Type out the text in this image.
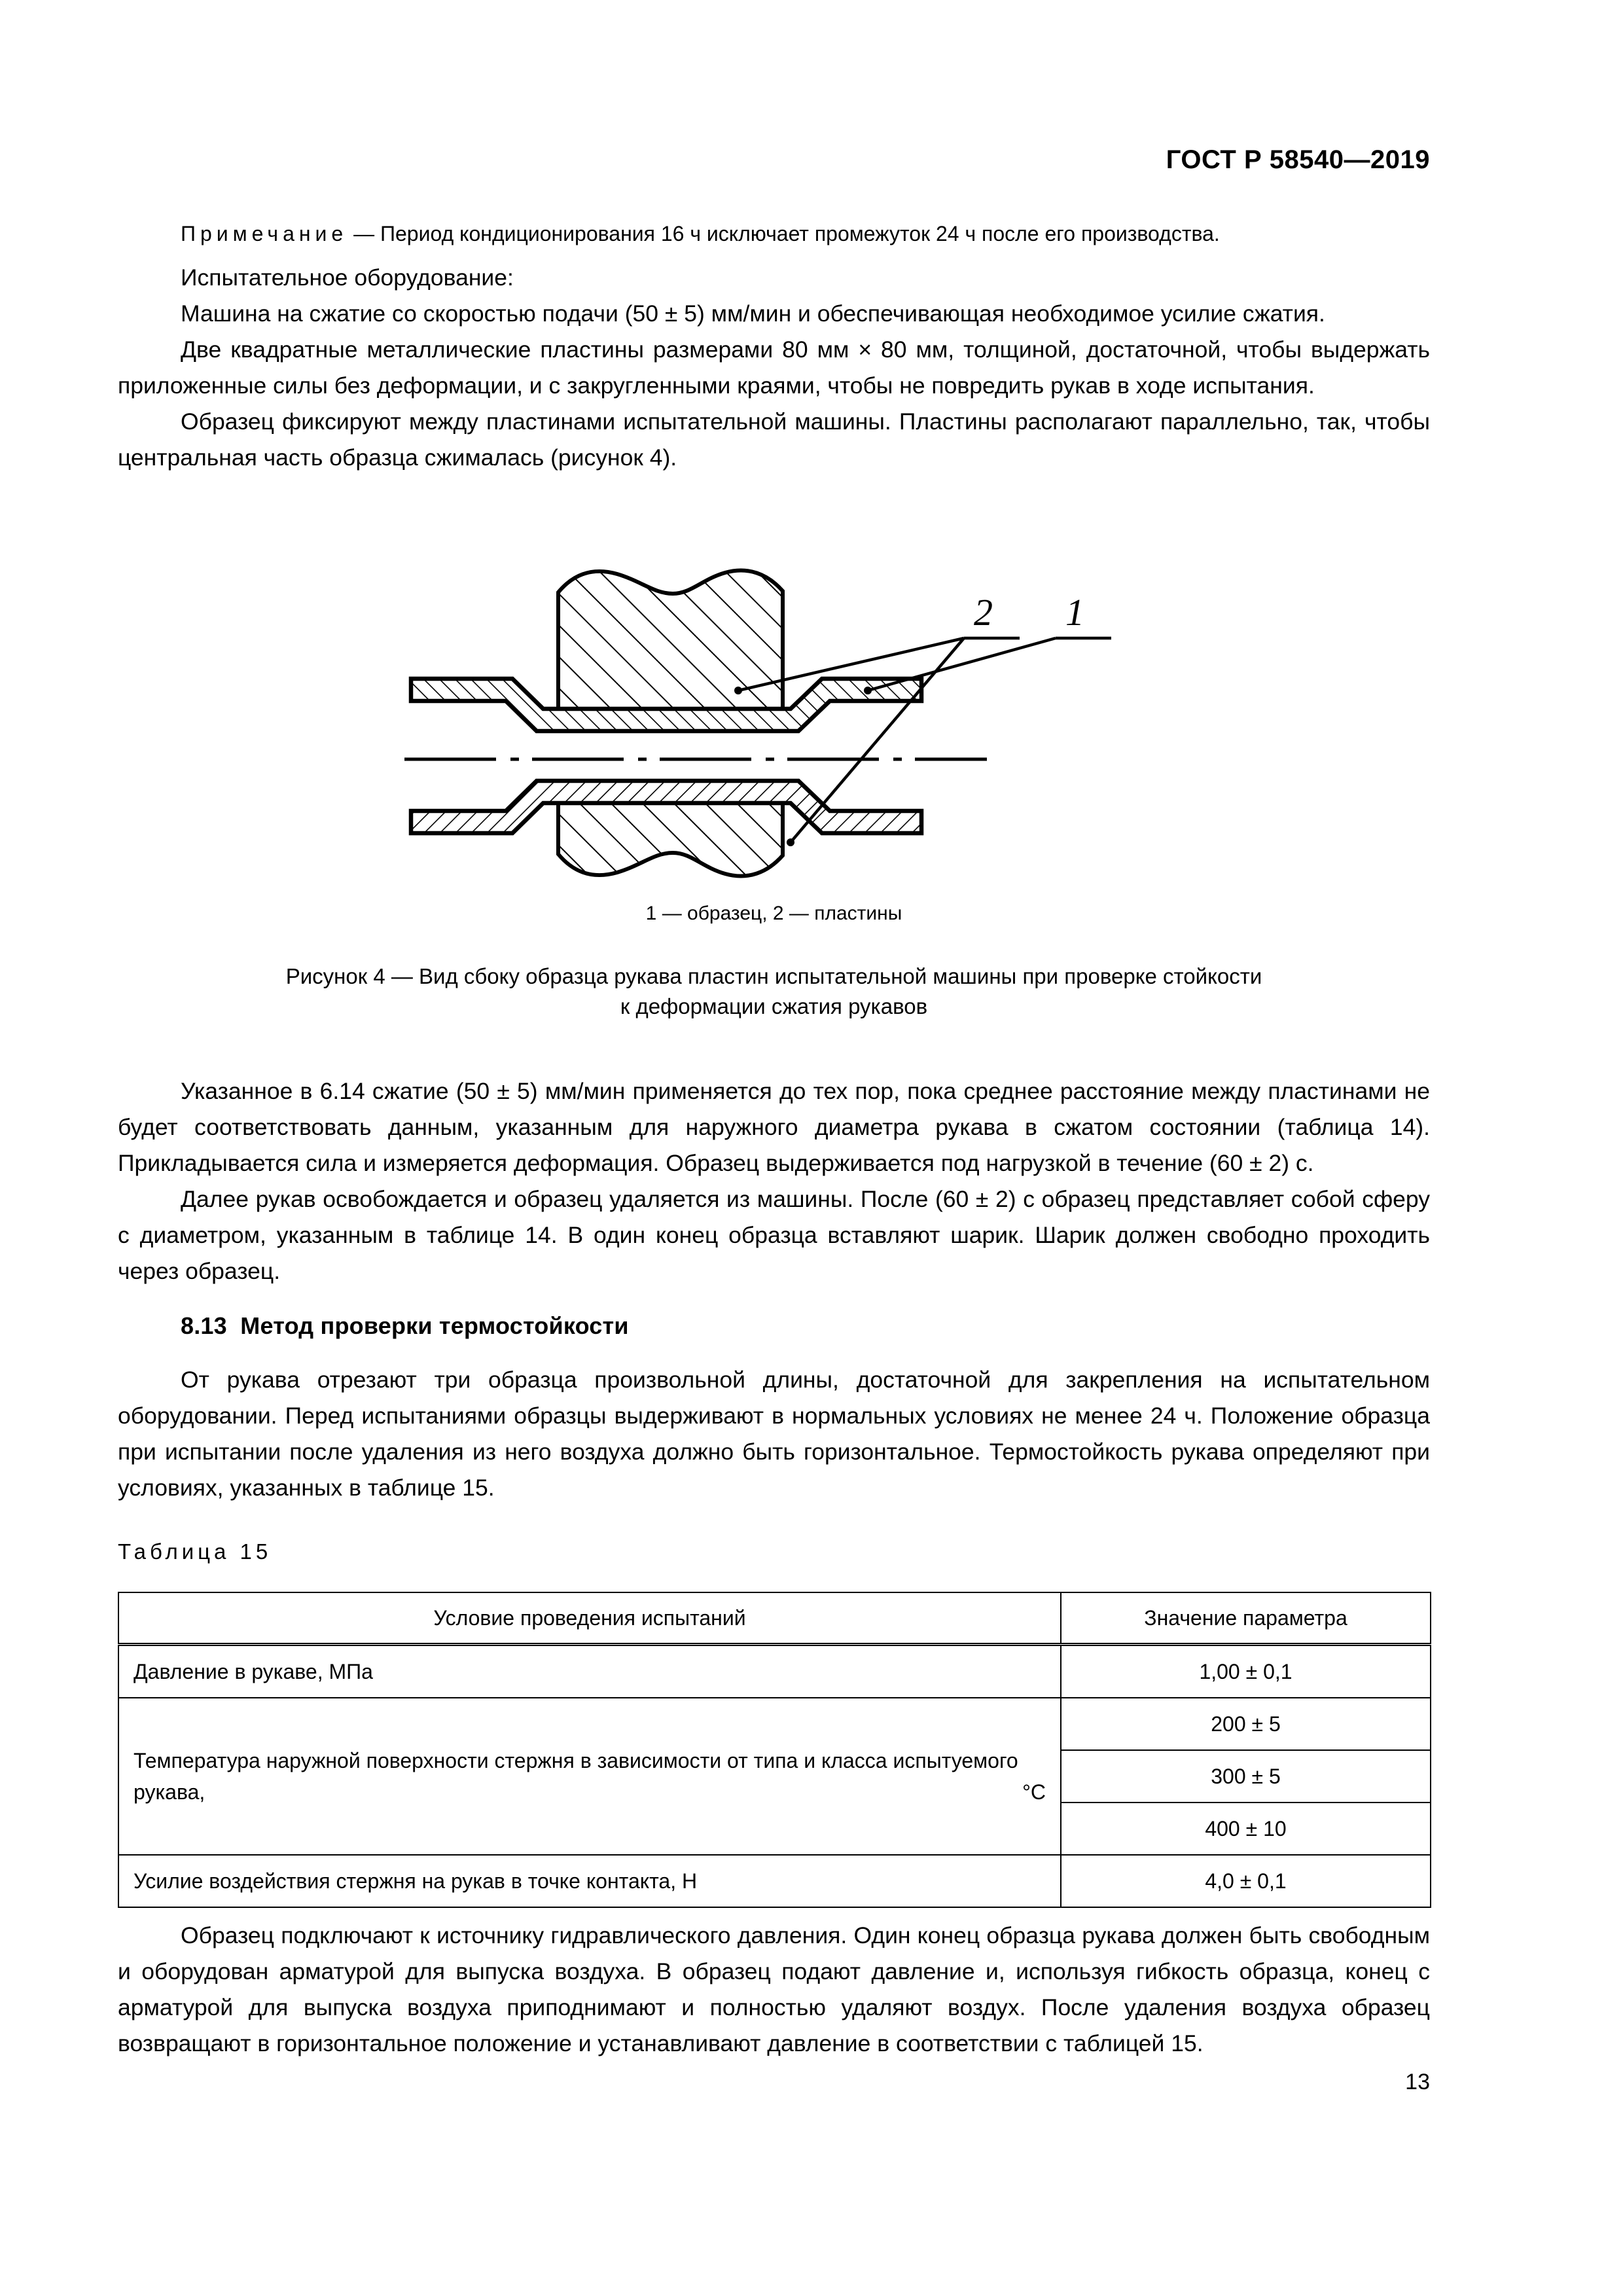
ГОСТ Р 58540—2019

Примечание — Период кондиционирования 16 ч исключает промежуток 24 ч после его производства.

Испытательное оборудование:

Машина на сжатие со скоростью подачи (50 ± 5) мм/мин и обеспечивающая необходимое усилие сжатия.

Две квадратные металлические пластины размерами 80 мм × 80 мм, толщиной, достаточной, чтобы выдержать приложенные силы без деформации, и с закругленными краями, чтобы не повредить рукав в ходе испытания.

Образец фиксируют между пластинами испытательной машины. Пластины располагают параллельно, так, чтобы центральная часть образца сжималась (рисунок 4).

2 1
1 — образец, 2 — пластины
Рисунок 4 — Вид сбоку образца рукава пластин испытательной машины при проверке стойкости
к деформации сжатия рукавов

Указанное в 6.14 сжатие (50 ± 5) мм/мин применяется до тех пор, пока среднее расстояние между пластинами не будет соответствовать данным, указанным для наружного диаметра рукава в сжатом состоянии (таблица 14). Прикладывается сила и измеряется деформация. Образец выдерживается под нагрузкой в течение (60 ± 2) с.

Далее рукав освобождается и образец удаляется из машины. После (60 ± 2) с образец представляет собой сферу с диаметром, указанным в таблице 14. В один конец образца вставляют шарик. Шарик должен свободно проходить через образец.

8.13 Метод проверки термостойкости

От рукава отрезают три образца произвольной длины, достаточной для закрепления на испытательном оборудовании. Перед испытаниями образцы выдерживают в нормальных условиях не менее 24 ч. Положение образца при испытании после удаления из него воздуха должно быть горизонтальное. Термостойкость рукава определяют при условиях, указанных в таблице 15.

Таблица 15
Условие проведения испытаний	Значение параметра
Давление в рукаве, МПа	1,00 ± 0,1
Температура наружной поверхности стержня в зависимости от типа и класса испытуемого рукава, °С	200 ± 5
	300 ± 5
	400 ± 10
Усилие воздействия стержня на рукав в точке контакта, Н	4,0 ± 0,1

Образец подключают к источнику гидравлического давления. Один конец образца рукава должен быть свободным и оборудован арматурой для выпуска воздуха. В образец подают давление и, используя гибкость образца, конец с арматурой для выпуска воздуха приподнимают и полностью удаляют воздух. После удаления воздуха образец возвращают в горизонтальное положение и устанавливают давление в соответствии с таблицей 15.

13
